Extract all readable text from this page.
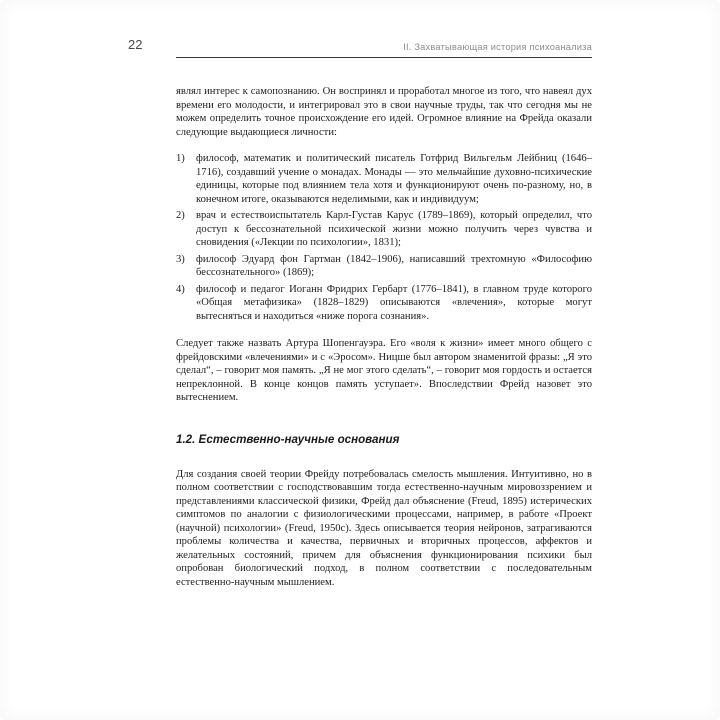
22	II. Захватывающая история психоанализа

являл интерес к самопознанию. Он воспринял и проработал многое из того, что навеял дух времени его молодости, и интегрировал это в свои научные труды, так что сегодня мы не можем определить точное происхождение его идей. Огромное влияние на Фрейда оказали следующие выдающиеся личности:

1)	философ, математик и политический писатель Готфрид Вильгельм Лейбниц (1646–1716), создавший учение о монадах. Монады — это мельчайшие духовно-психические единицы, которые под влиянием тела хотя и функционируют очень по-разному, но, в конечном итоге, оказываются неделимыми, как и индивидуум;
2)	врач и естествоиспытатель Карл-Густав Карус (1789–1869), который определил, что доступ к бессознательной психической жизни можно получить через чувства и сновидения («Лекции по психологии», 1831);
3)	философ Эдуард фон Гартман (1842–1906), написавший трехтомную «Философию бессознательного» (1869);
4)	философ и педагог Иоганн Фридрих Гербарт (1776–1841), в главном труде которого «Общая метафизика» (1828–1829) описываются «влечения», которые могут вытесняться и находиться «ниже порога сознания».

Следует также назвать Артура Шопенгауэра. Его «воля к жизни» имеет много общего с фрейдовскими «влечениями» и с «Эросом». Ницше был автором знаменитой фразы: „Я это сделал“, – говорит моя память. „Я не мог этого сделать“, – говорит моя гордость и остается непреклонной. В конце концов память уступает». Впоследствии Фрейд назовет это вытеснением.

1.2. Естественно-научные основания

Для создания своей теории Фрейду потребовалась смелость мышления. Интуитивно, но в полном соответствии с господствовавшим тогда естественно-научным мировоззрением и представлениями классической физики, Фрейд дал объяснение (Freud, 1895) истерических симптомов по аналогии с физиологическими процессами, например, в работе «Проект (научной) психологии» (Freud, 1950c). Здесь описывается теория нейронов, затрагиваются проблемы количества и качества, первичных и вторичных процессов, аффектов и желательных состояний, причем для объяснения функционирования психики был опробован биологический подход, в полном соответствии с последовательным естественно-научным мышлением.
